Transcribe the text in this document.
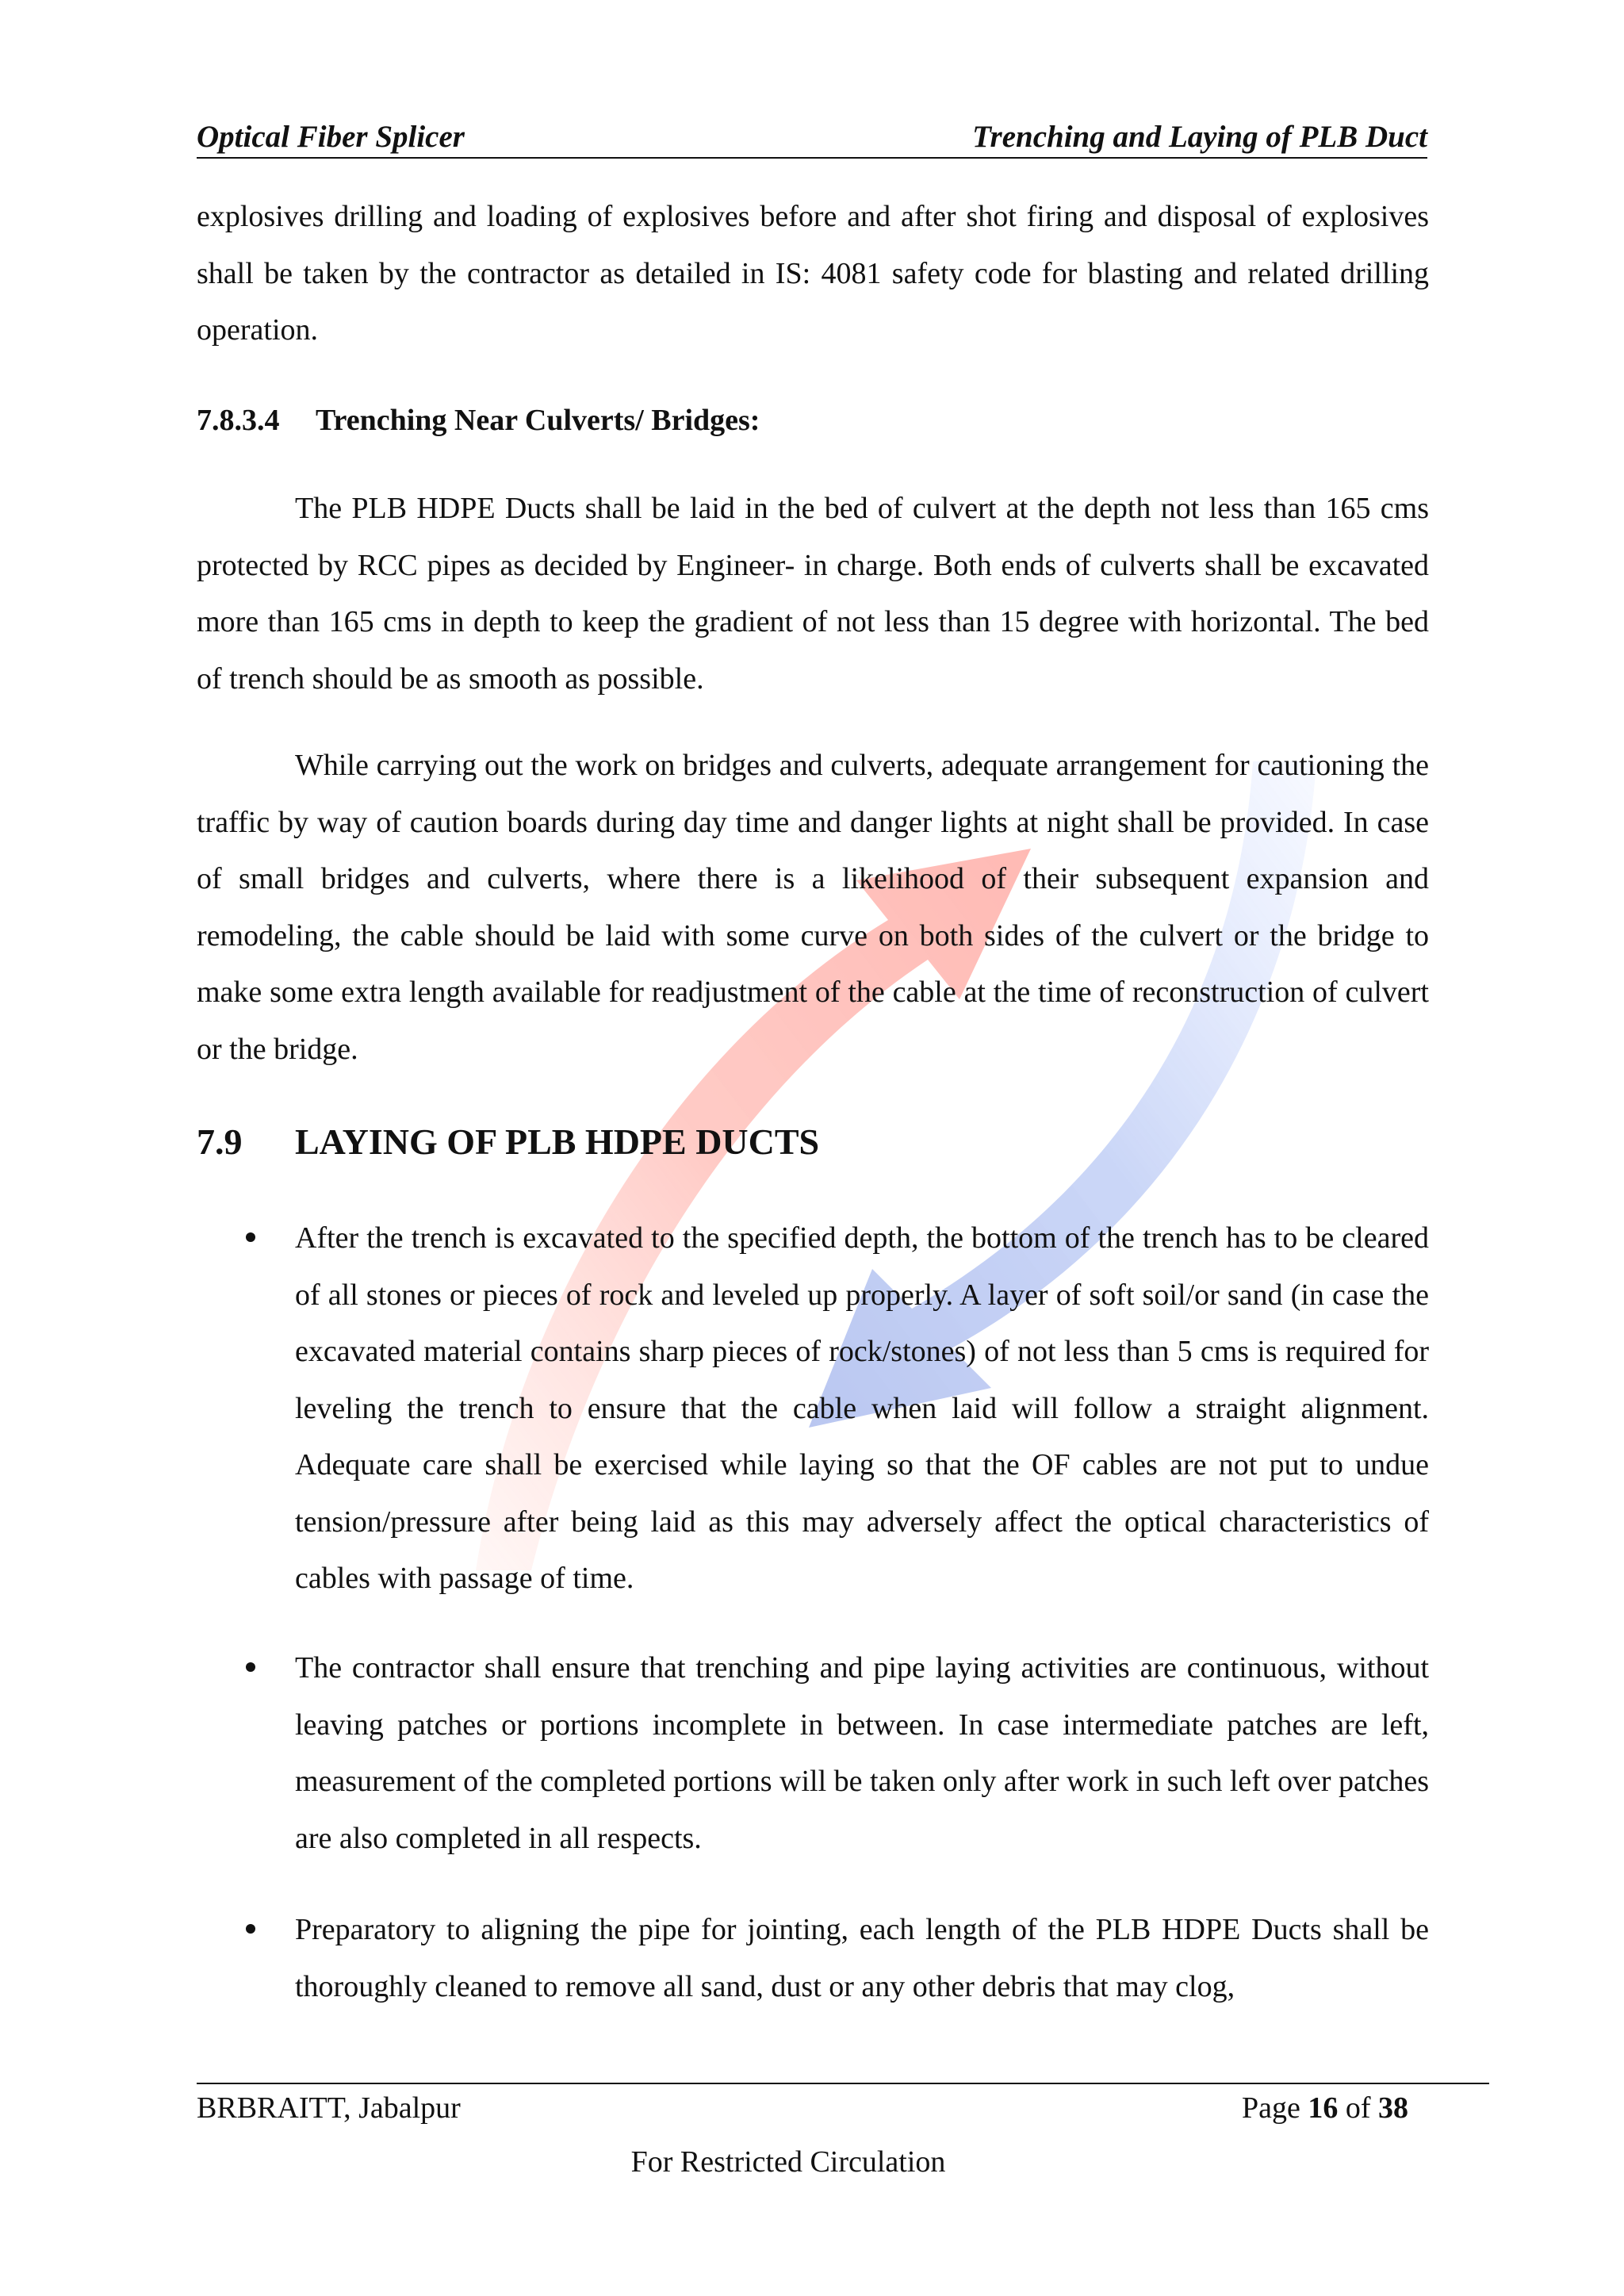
Optical Fiber Splicer	Trenching and Laying of PLB Duct

explosives drilling and loading of explosives before and after shot firing and disposal of explosives shall be taken by the contractor as detailed in IS: 4081 safety code for blasting and related drilling operation.

7.8.3.4 Trenching Near Culverts/ Bridges:

The PLB HDPE Ducts shall be laid in the bed of culvert at the depth not less than 165 cms protected by RCC pipes as decided by Engineer- in charge. Both ends of culverts shall be excavated more than 165 cms in depth to keep the gradient of not less than 15 degree with horizontal. The bed of trench should be as smooth as possible.

While carrying out the work on bridges and culverts, adequate arrangement for cautioning the traffic by way of caution boards during day time and danger lights at night shall be provided. In case of small bridges and culverts, where there is a likelihood of their subsequent expansion and remodeling, the cable should be laid with some curve on both sides of the culvert or the bridge to make some extra length available for readjustment of the cable at the time of reconstruction of culvert or the bridge.

7.9 LAYING OF PLB HDPE DUCTS
After the trench is excavated to the specified depth, the bottom of the trench has to be cleared of all stones or pieces of rock and leveled up properly. A layer of soft soil/or sand (in case the excavated material contains sharp pieces of rock/stones) of not less than 5 cms is required for leveling the trench to ensure that the cable when laid will follow a straight alignment. Adequate care shall be exercised while laying so that the OF cables are not put to undue tension/pressure after being laid as this may adversely affect the optical characteristics of cables with passage of time.
The contractor shall ensure that trenching and pipe laying activities are continuous, without leaving patches or portions incomplete in between. In case intermediate patches are left, measurement of the completed portions will be taken only after work in such left over patches are also completed in all respects.
Preparatory to aligning the pipe for jointing, each length of the PLB HDPE Ducts shall be thoroughly cleaned to remove all sand, dust or any other debris that may clog,
BRBRAITT, Jabalpur	Page 16 of 38
For Restricted Circulation
